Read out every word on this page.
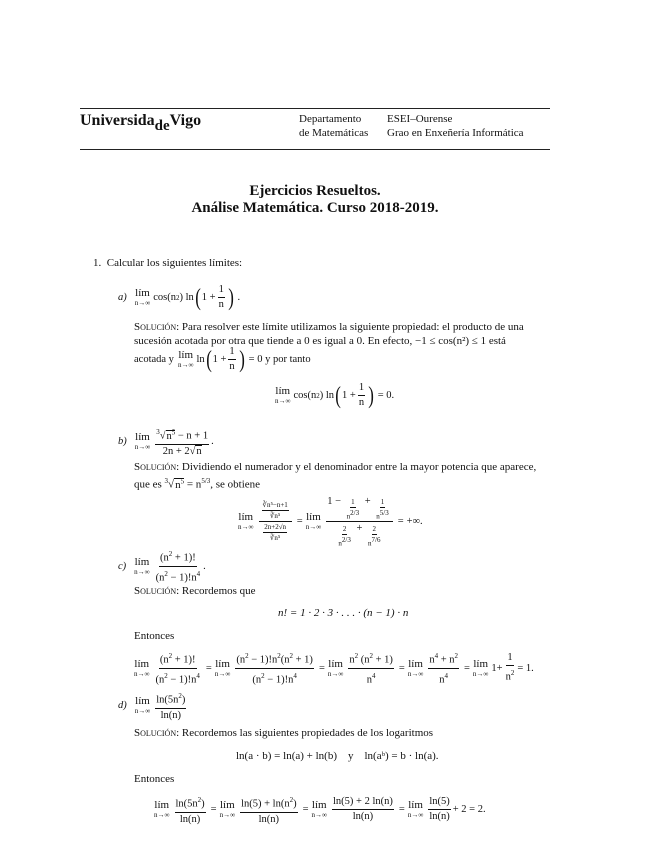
UniversidadeVigo	Departamento
de Matemáticas
ESEI–Ourense
Grao en Enxeñería Informática
Ejercicios Resueltos.
Análise Matemática. Curso 2018-2019.
1. Calcular los siguientes límites:
a) lím
n→∞ cos(n 2 ) ln ( 1 +
1
n ) .
Solución: Para resolver este límite utilizamos la siguiente propiedad: el producto de una sucesión acotada por otra que tiende a 0 es igual a 0. En efecto, −1 ≤ cos(n²) ≤ 1 está
acotada y lím
n→∞ ln ( 1 +
1
n ) = 0 y por tanto
lím
n→∞ cos(n 2 ) ln ( 1 +
1
n ) = 0.
b) lím
n→∞
$^3√n^5 - n + 1$
2n + 2√n
.
Solución: Dividiendo el numerador y el denominador entre la mayor potencia que aparece, que es $^3√n^5 = n^{5/3}$, se obtiene
lím
$n\to\infty \frac{\frac{\text{∛n⁵−n+1}}{\text{∛n⁵}}}{\frac{2n+2√n}{\text{∛n⁵}}}$ = lím
$n\to\infty \frac{1 - \frac{1}{n^{2/3}} + \frac{1}{n^{5/3}}}{\frac{2}{n^{2/3}} + \frac{2}{n^{7/6}}}$ = +∞.
c) lím
n→∞
$(n^2 + 1)$!
$(n^2 - 1)!n^4$
.
Solución: Recordemos que
n! = 1 · 2 · 3 · . . . · (n − 1) · n
Entonces
lím
$n\to\infty \frac{(n^2 + 1)!}{(n^2 - 1)!n^4}$ = lím
$n\to\infty \frac{(n^2 - 1)!n^2(n^2 + 1)}{(n^2 - 1)!n^4}$ = lím
$n\to\infty \frac{n^2 (n^2 + 1)}{n^4}$ = lím
$n\to\infty \frac{n^4 + n^2}{n^4}$ = lím
n→∞ 1+
1
$n^2 = 1$.
d) lím
n→∞
$\ln(5n^2)$
ln(n)
Solución: Recordemos las siguientes propiedades de los logaritmos
ln(a · b) = ln(a) + ln(b)    y    ln(aᵇ) = b · ln(a).
Entonces
lím
$n\to\infty \frac{\ln(5n^2)}{\ln(n)}$ = lím
$n\to\infty \frac{\ln(5) + \ln(n^2)}{\ln(n)}$ = lím
$n\to\infty \frac{\ln(5) + 2 \ln(n)}{\ln(n)}$ = lím
n→∞
ln(5)
ln(n)
+ 2 = 2.
